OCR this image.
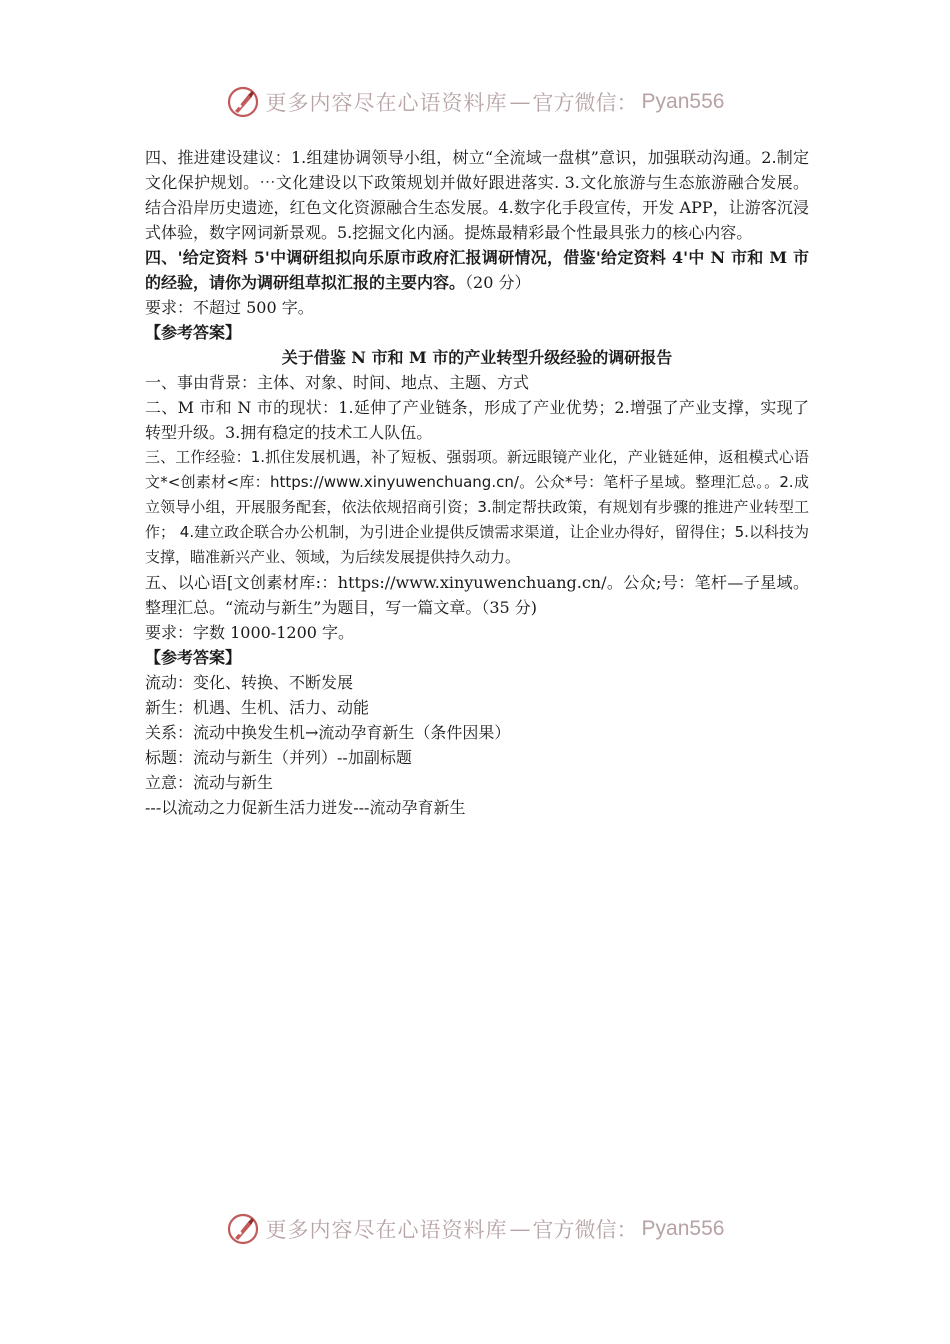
更多内容尽在心语资料库 — 官方微信： Pyan556

四、推进建设建议：1.组建协调领导小组，树立“全流域一盘棋”意识，加强联动沟通。2.制定文化保护规划。⋯文化建设以下政策规划并做好跟进落实. 3.文化旅游与生态旅游融合发展。结合沿岸历史遗迹，红色文化资源融合生态发展。4.数字化手段宣传，开发 APP，让游客沉浸式体验，数字网词新景观。5.挖掘文化内涵。提炼最精彩最个性最具张力的核心内容。

四、'给定资料 5'中调研组拟向乐原市政府汇报调研情况，借鉴'给定资料 4'中 N 市和 M 市的经验，请你为调研组草拟汇报的主要内容。（20 分）

要求：不超过 500 字。

【参考答案】

关于借鉴 N 市和 M 市的产业转型升级经验的调研报告

一、事由背景：主体、对象、时间、地点、主题、方式

二、M 市和 N 市的现状：1.延伸了产业链条，形成了产业优势；2.增强了产业支撑，实现了转型升级。3.拥有稳定的技术工人队伍。

三、工作经验：1.抓住发展机遇，补了短板、强弱项。新远眼镜产业化，产业链延伸，返租模式心语文*<创素材<库：https://www.xinyuwenchuang.cn/。公众*号：笔杆子星域。整理汇总。。2.成立领导小组，开展服务配套，依法依规招商引资；3.制定帮扶政策，有规划有步骤的推进产业转型工作； 4.建立政企联合办公机制，为引进企业提供反馈需求渠道，让企业办得好，留得住；5.以科技为支撑，瞄准新兴产业、领域，为后续发展提供持久动力。

五、以心语[文创素材库:：https://www.xinyuwenchuang.cn/。公众;号：笔杆—子星域。整理汇总。“流动与新生”为题目，写一篇文章。（35 分)

要求：字数 1000-1200 字。

【参考答案】

流动：变化、转换、不断发展

新生：机遇、生机、活力、动能

关系：流动中换发生机→流动孕育新生（条件因果）

标题：流动与新生（并列）--加副标题

立意：流动与新生

---以流动之力促新生活力迸发---流动孕育新生

更多内容尽在心语资料库 — 官方微信： Pyan556
